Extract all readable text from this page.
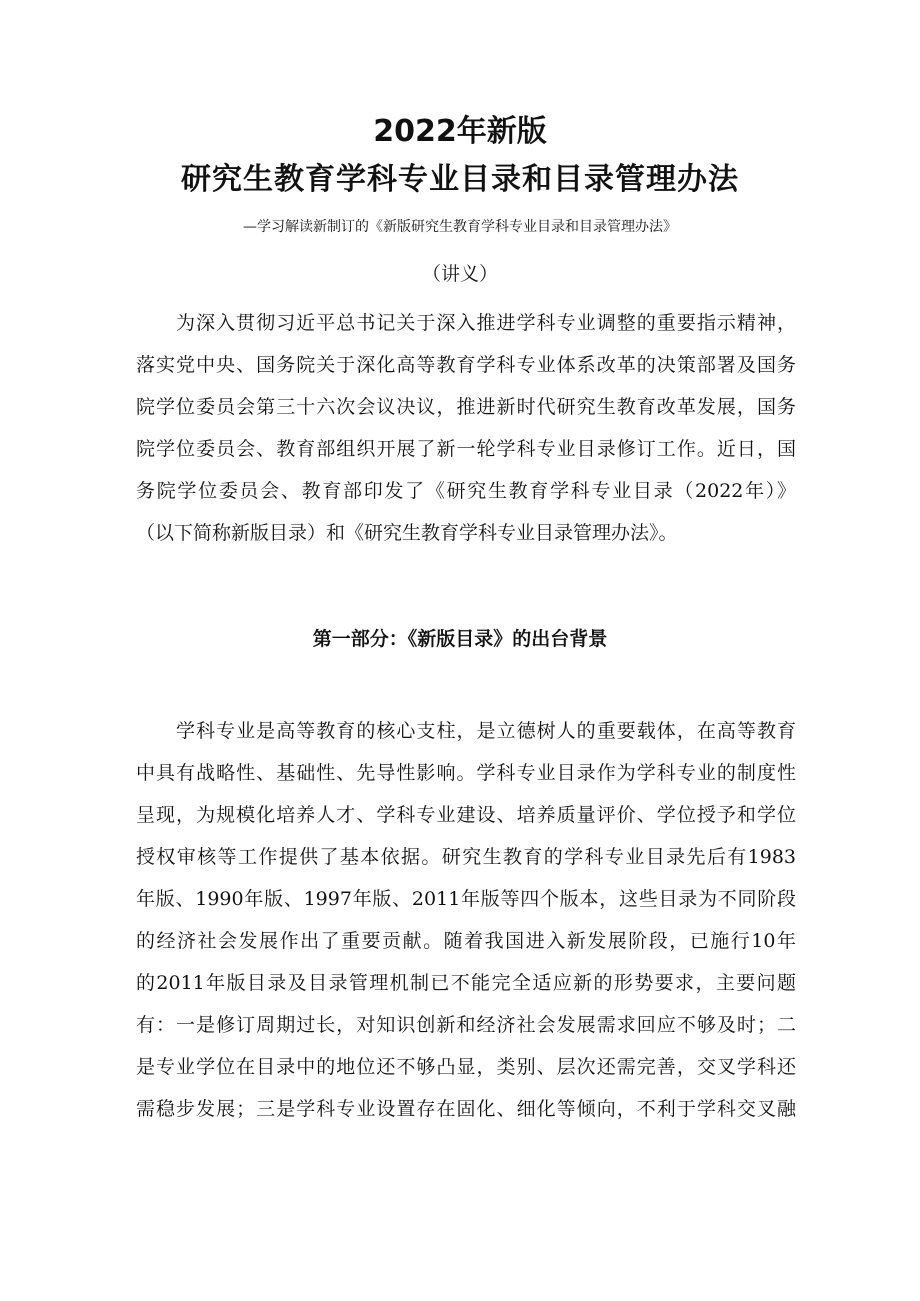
2022年新版
研究生教育学科专业目录和目录管理办法
—学习解读新制订的《新版研究生教育学科专业目录和目录管理办法》
（讲义）
　　为深入贯彻习近平总书记关于深入推进学科专业调整的重要指示精神，
落实党中央、国务院关于深化高等教育学科专业体系改革的决策部署及国务
院学位委员会第三十六次会议决议，推进新时代研究生教育改革发展，国务
院学位委员会、教育部组织开展了新一轮学科专业目录修订工作。近日，国
务院学位委员会、教育部印发了《研究生教育学科专业目录（2022年）》
（以下简称新版目录）和《研究生教育学科专业目录管理办法》。
第一部分：《新版目录》的出台背景
　　学科专业是高等教育的核心支柱，是立德树人的重要载体，在高等教育
中具有战略性、基础性、先导性影响。学科专业目录作为学科专业的制度性
呈现，为规模化培养人才、学科专业建设、培养质量评价、学位授予和学位
授权审核等工作提供了基本依据。研究生教育的学科专业目录先后有1983
年版、1990年版、1997年版、2011年版等四个版本，这些目录为不同阶段
的经济社会发展作出了重要贡献。随着我国进入新发展阶段，已施行10年
的2011年版目录及目录管理机制已不能完全适应新的形势要求，主要问题
有：一是修订周期过长，对知识创新和经济社会发展需求回应不够及时；二
是专业学位在目录中的地位还不够凸显，类别、层次还需完善，交叉学科还
需稳步发展；三是学科专业设置存在固化、细化等倾向，不利于学科交叉融
